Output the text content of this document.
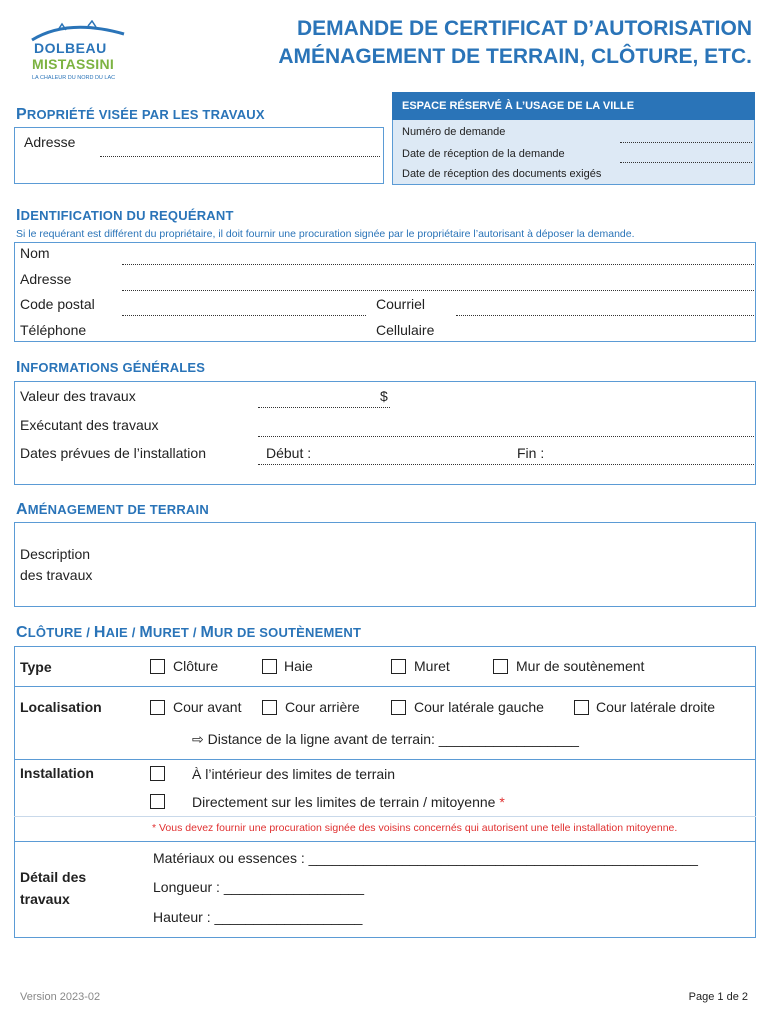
DOLBEAU
MISTASSINI
LA CHALEUR DU NORD DU LAC
DEMANDE DE CERTIFICAT D’AUTORISATION
AMÉNAGEMENT DE TERRAIN, CLÔTURE, ETC.
PROPRIÉTÉ VISÉE PAR LES TRAVAUX
Adresse
ESPACE RÉSERVÉ À L’USAGE DE LA VILLE
Numéro de demande
Date de réception de la demande
Date de réception des documents exigés
IDENTIFICATION DU REQUÉRANT
Si le requérant est différent du propriétaire, il doit fournir une procuration signée par le propriétaire l’autorisant à déposer la demande.
Nom
Adresse
Code postal	Courriel
Téléphone	Cellulaire
INFORMATIONS GÉNÉRALES
Valeur des travaux	$
Exécutant des travaux
Dates prévues de l’installation	Début :	Fin :
AMÉNAGEMENT DE TERRAIN
Description
des travaux
CLÔTURE / HAIE / MURET / MUR DE SOUTÈNEMENT
Type	Clôture	Haie	Muret	Mur de soutènement
Localisation	Cour avant	Cour arrière	Cour latérale gauche	Cour latérale droite
⇨ Distance de la ligne avant de terrain: __________________
Installation	À l’intérieur des limites de terrain
Directement sur les limites de terrain / mitoyenne *
* Vous devez fournir une procuration signée des voisins concernés qui autorisent une telle installation mitoyenne.
Détail des
travaux
Matériaux ou essences : __________________________________________________
Longueur : __________________
Hauteur : ___________________
Version 2023-02	Page 1 de 2
